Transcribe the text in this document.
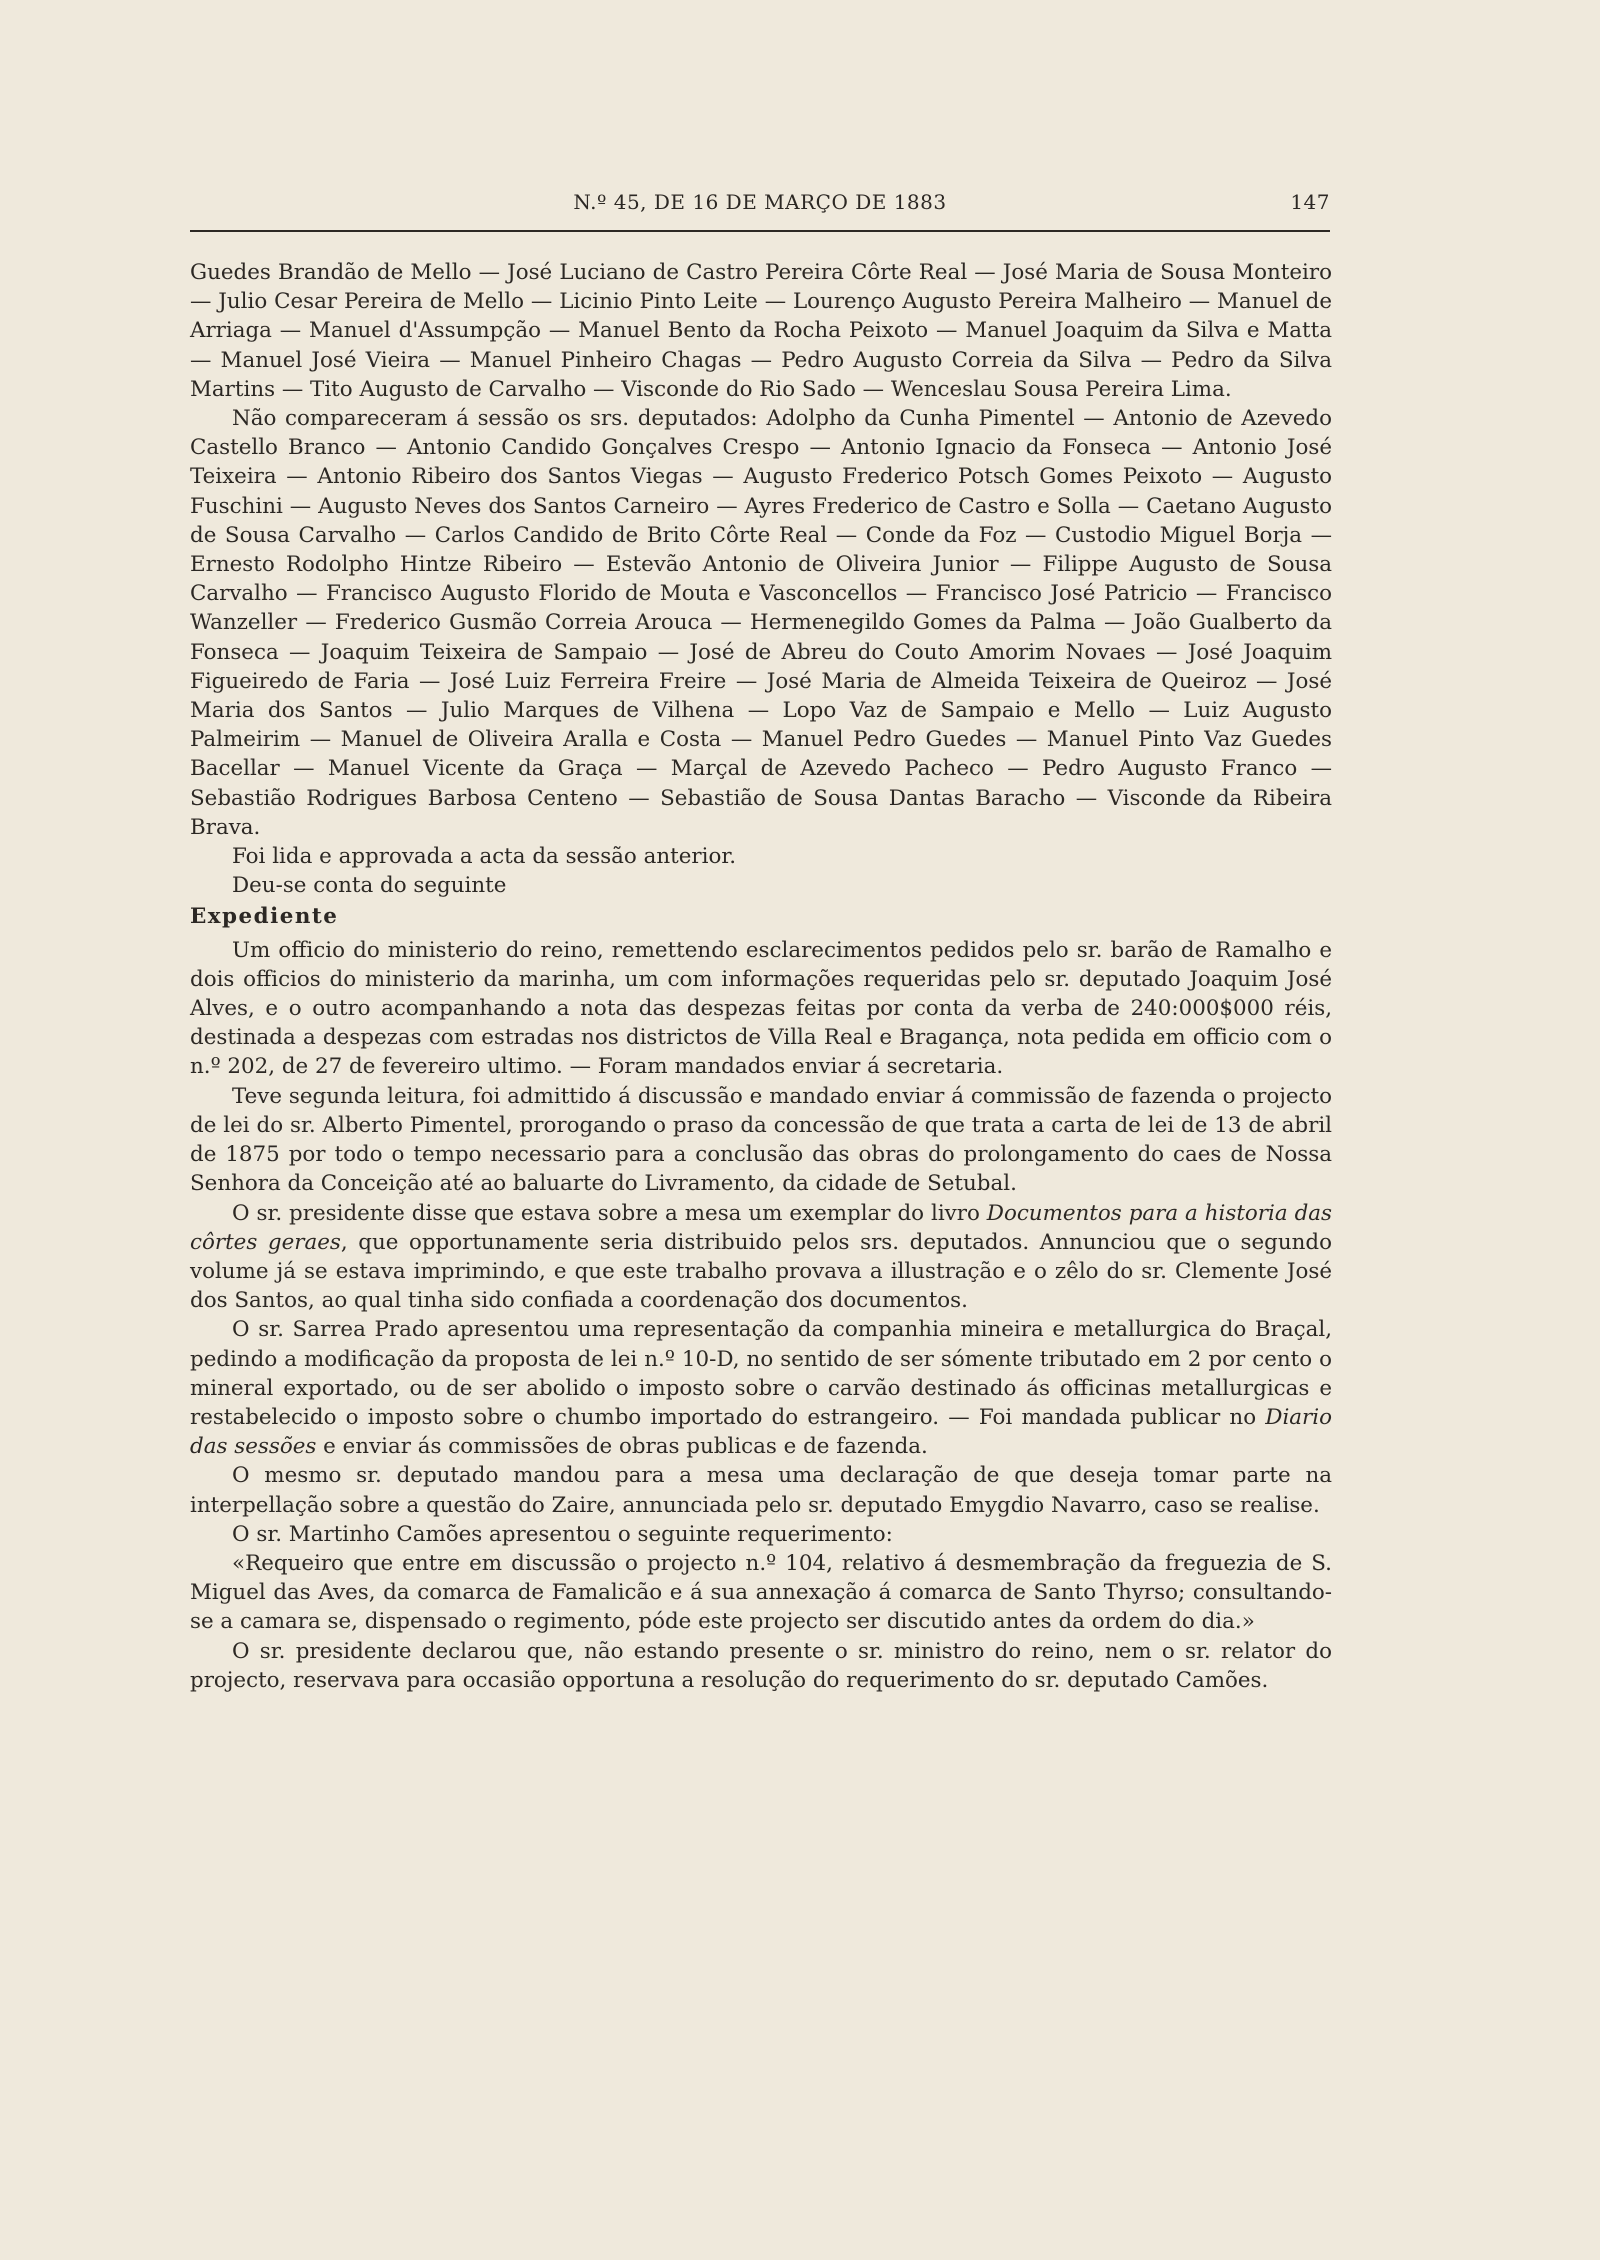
N.º 45, DE 16 DE MARÇO DE 1883	147

Guedes Brandão de Mello — José Luciano de Castro Pereira Côrte Real — José Maria de Sousa Monteiro — Julio Cesar Pereira de Mello — Licinio Pinto Leite — Lourenço Augusto Pereira Malheiro — Manuel de Arriaga — Manuel d'Assumpção — Manuel Bento da Rocha Peixoto — Manuel Joaquim da Silva e Matta — Manuel José Vieira — Manuel Pinheiro Chagas — Pedro Augusto Correia da Silva — Pedro da Silva Martins — Tito Augusto de Carvalho — Visconde do Rio Sado — Wenceslau Sousa Pereira Lima.

Não compareceram á sessão os srs. deputados: Adolpho da Cunha Pimentel — Antonio de Azevedo Castello Branco — Antonio Candido Gonçalves Crespo — Antonio Ignacio da Fonseca — Antonio José Teixeira — Antonio Ribeiro dos Santos Viegas — Augusto Frederico Potsch Gomes Peixoto — Augusto Fuschini — Augusto Neves dos Santos Carneiro — Ayres Frederico de Castro e Solla — Caetano Augusto de Sousa Carvalho — Carlos Candido de Brito Côrte Real — Conde da Foz — Custodio Miguel Borja — Ernesto Rodolpho Hintze Ribeiro — Estevão Antonio de Oliveira Junior — Filippe Augusto de Sousa Carvalho — Francisco Augusto Florido de Mouta e Vasconcellos — Francisco José Patricio — Francisco Wanzeller — Frederico Gusmão Correia Arouca — Hermenegildo Gomes da Palma — João Gualberto da Fonseca — Joaquim Teixeira de Sampaio — José de Abreu do Couto Amorim Novaes — José Joaquim Figueiredo de Faria — José Luiz Ferreira Freire — José Maria de Almeida Teixeira de Queiroz — José Maria dos Santos — Julio Marques de Vilhena — Lopo Vaz de Sampaio e Mello — Luiz Augusto Palmeirim — Manuel de Oliveira Aralla e Costa — Manuel Pedro Guedes — Manuel Pinto Vaz Guedes Bacellar — Manuel Vicente da Graça — Marçal de Azevedo Pacheco — Pedro Augusto Franco — Sebastião Rodrigues Barbosa Centeno — Sebastião de Sousa Dantas Baracho — Visconde da Ribeira Brava.

Foi lida e approvada a acta da sessão anterior.

Deu-se conta do seguinte

Expediente

Um officio do ministerio do reino, remettendo esclarecimentos pedidos pelo sr. barão de Ramalho e dois officios do ministerio da marinha, um com informações requeridas pelo sr. deputado Joaquim José Alves, e o outro acompanhando a nota das despezas feitas por conta da verba de 240:000$000 réis, destinada a despezas com estradas nos districtos de Villa Real e Bragança, nota pedida em officio com o n.º 202, de 27 de fevereiro ultimo. — Foram mandados enviar á secretaria.

Teve segunda leitura, foi admittido á discussão e mandado enviar á commissão de fazenda o projecto de lei do sr. Alberto Pimentel, prorogando o praso da concessão de que trata a carta de lei de 13 de abril de 1875 por todo o tempo necessario para a conclusão das obras do prolongamento do caes de Nossa Senhora da Conceição até ao baluarte do Livramento, da cidade de Setubal.

O sr. presidente disse que estava sobre a mesa um exemplar do livro Documentos para a historia das côrtes geraes, que opportunamente seria distribuido pelos srs. deputados. Annunciou que o segundo volume já se estava imprimindo, e que este trabalho provava a illustração e o zêlo do sr. Clemente José dos Santos, ao qual tinha sido confiada a coordenação dos documentos.

O sr. Sarrea Prado apresentou uma representação da companhia mineira e metallurgica do Braçal, pedindo a modificação da proposta de lei n.º 10-D, no sentido de ser sómente tributado em 2 por cento o mineral exportado, ou de ser abolido o imposto sobre o carvão destinado ás officinas metallurgicas e restabelecido o imposto sobre o chumbo importado do estrangeiro. — Foi mandada publicar no Diario das sessões e enviar ás commissões de obras publicas e de fazenda.

O mesmo sr. deputado mandou para a mesa uma declaração de que deseja tomar parte na interpellação sobre a questão do Zaire, annunciada pelo sr. deputado Emygdio Navarro, caso se realise.

O sr. Martinho Camões apresentou o seguinte requerimento:

«Requeiro que entre em discussão o projecto n.º 104, relativo á desmembração da freguezia de S. Miguel das Aves, da comarca de Famalicão e á sua annexação á comarca de Santo Thyrso; consultando-se a camara se, dispensado o regimento, póde este projecto ser discutido antes da ordem do dia.»

O sr. presidente declarou que, não estando presente o sr. ministro do reino, nem o sr. relator do projecto, reservava para occasião opportuna a resolução do requerimento do sr. deputado Camões.
